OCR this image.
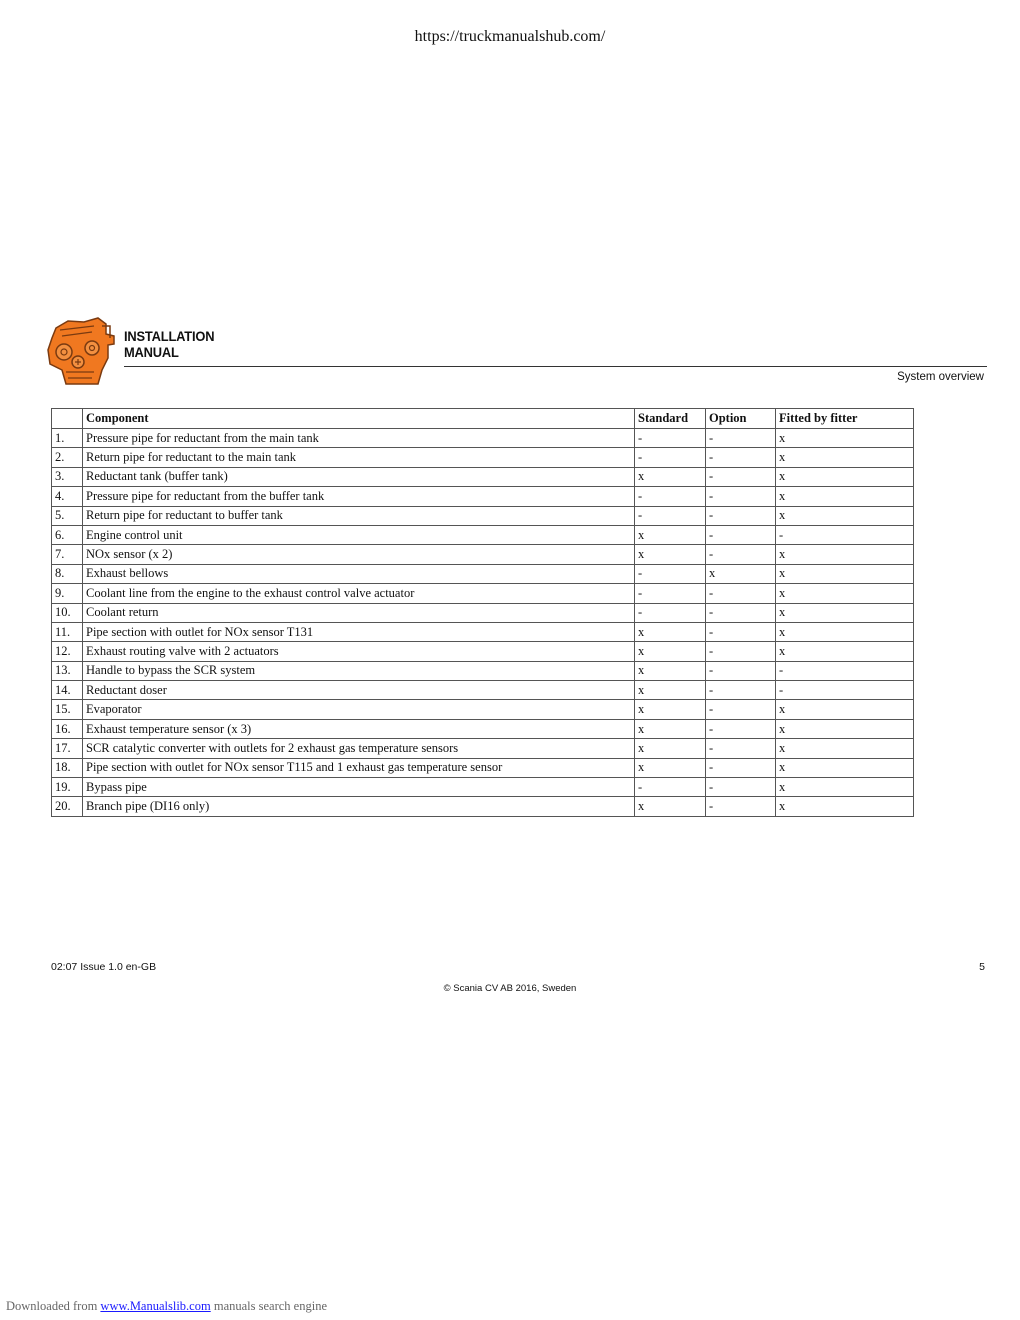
https://truckmanualshub.com/
INSTALLATION
MANUAL
System overview
	Component	Standard	Option	Fitted by fitter
1.	Pressure pipe for reductant from the main tank	-	-	x
2.	Return pipe for reductant to the main tank	-	-	x
3.	Reductant tank (buffer tank)	x	-	x
4.	Pressure pipe for reductant from the buffer tank	-	-	x
5.	Return pipe for reductant to buffer tank	-	-	x
6.	Engine control unit	x	-	-
7.	NOx sensor (x 2)	x	-	x
8.	Exhaust bellows	-	x	x
9.	Coolant line from the engine to the exhaust control valve actuator	-	-	x
10.	Coolant return	-	-	x
11.	Pipe section with outlet for NOx sensor T131	x	-	x
12.	Exhaust routing valve with 2 actuators	x	-	x
13.	Handle to bypass the SCR system	x	-	-
14.	Reductant doser	x	-	-
15.	Evaporator	x	-	x
16.	Exhaust temperature sensor (x 3)	x	-	x
17.	SCR catalytic converter with outlets for 2 exhaust gas temperature sensors	x	-	x
18.	Pipe section with outlet for NOx sensor T115 and 1 exhaust gas temperature sensor	x	-	x
19.	Bypass pipe	-	-	x
20.	Branch pipe (DI16 only)	x	-	x
02:07 Issue 1.0 en-GB	5
© Scania CV AB 2016, Sweden
Downloaded from www.Manualslib.com manuals search engine
